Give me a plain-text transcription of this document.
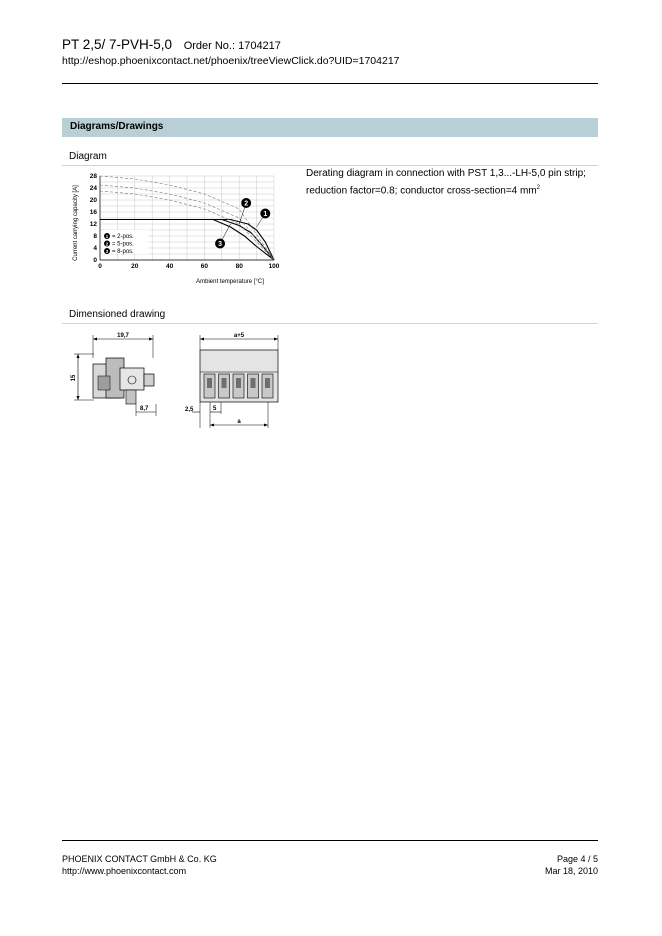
PT 2,5/ 7-PVH-5,0 Order No.: 1704217
http://eshop.phoenixcontact.net/phoenix/treeViewClick.do?UID=1704217
Diagrams/Drawings
Diagram
0	20	40	60	80	100
0
4
8
12
16
20
24
28
1
2
3
1 = 2-pos.
2 = 5-pos.
3 = 8-pos.
Current carrying capacity [A]
Ambient temperature [°C]
Derating diagram in connection with PST 1,3...-LH-5,0 pin strip; reduction factor=0.8; conductor cross-section=4 $mm^2$
Dimensioned drawing
19,7
15
8,7
a+5
2,5	5
a
PHOENIX CONTACT GmbH & Co. KG
http://www.phoenixcontact.com
Page 4 / 5
Mar 18, 2010
